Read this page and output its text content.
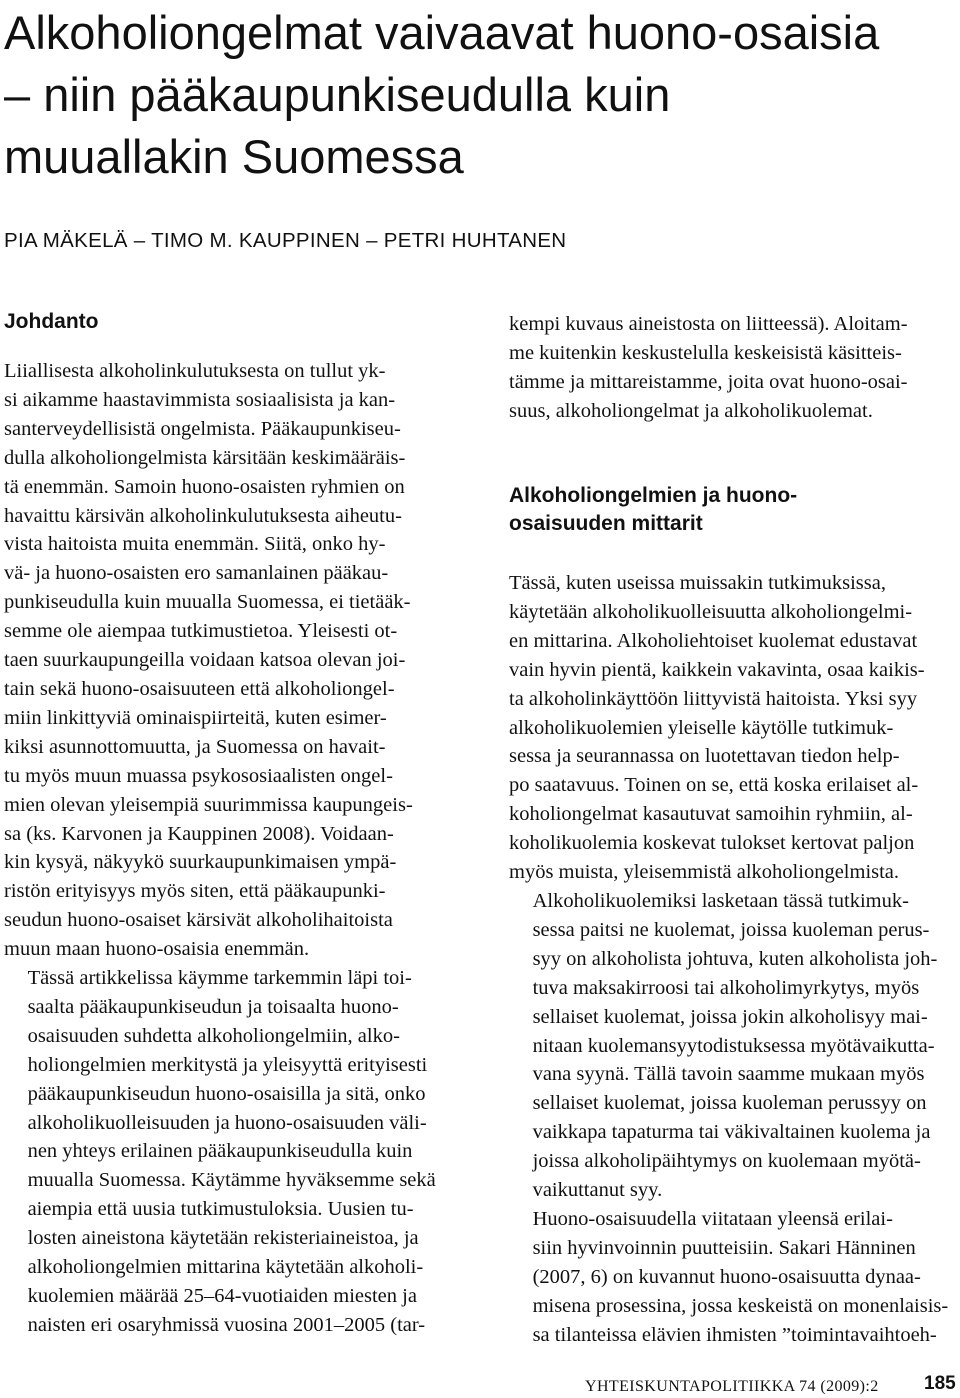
Alkoholiongelmat vaivaavat huono-osaisia
– niin pääkaupunkiseudulla kuin
muuallakin Suomessa
PIA MÄKELÄ – TIMO M. KAUPPINEN – PETRI HUHTANEN
Johdanto

Liiallisesta alkoholinkulutuksesta on tullut yk-
si aikamme haastavimmista sosiaalisista ja kan-
santerveydellisistä ongelmista. Pääkaupunkiseu-
dulla alkoholiongelmista kärsitään keskimääräis-
tä enemmän. Samoin huono-osaisten ryhmien on
havaittu kärsivän alkoholinkulutuksesta aiheutu-
vista haitoista muita enemmän. Siitä, onko hy-
vä- ja huono-osaisten ero samanlainen pääkau-
punkiseudulla kuin muualla Suomessa, ei tietääk-
semme ole aiempaa tutkimustietoa. Yleisesti ot-
taen suurkaupungeilla voidaan katsoa olevan joi-
tain sekä huono-osaisuuteen että alkoholiongel-
miin linkittyviä ominaispiirteitä, kuten esimer-
kiksi asunnottomuutta, ja Suomessa on havait-
tu myös muun muassa psykososiaalisten ongel-
mien olevan yleisempiä suurimmissa kaupungeis-
sa (ks. Karvonen ja Kauppinen 2008). Voidaan-
kin kysyä, näkyykö suurkaupunkimaisen ympä-
ristön erityisyys myös siten, että pääkaupunki-
seudun huono-osaiset kärsivät alkoholihaitoista
muun maan huono-osaisia enemmän.

Tässä artikkelissa käymme tarkemmin läpi toi-
saalta pääkaupunkiseudun ja toisaalta huono-
osaisuuden suhdetta alkoholiongelmiin, alko-
holiongelmien merkitystä ja yleisyyttä erityisesti
pääkaupunkiseudun huono-osaisilla ja sitä, onko
alkoholikuolleisuuden ja huono-osaisuuden väli-
nen yhteys erilainen pääkaupunkiseudulla kuin
muualla Suomessa. Käytämme hyväksemme sekä
aiempia että uusia tutkimustuloksia. Uusien tu-
losten aineistona käytetään rekisteriaineistoa, ja
alkoholiongelmien mittarina käytetään alkoholi-
kuolemien määrää 25–64-vuotiaiden miesten ja
naisten eri osaryhmissä vuosina 2001–2005 (tar-

kempi kuvaus aineistosta on liitteessä). Aloitam-
me kuitenkin keskustelulla keskeisistä käsitteis-
tämme ja mittareistamme, joita ovat huono-osai-
suus, alkoholiongelmat ja alkoholikuolemat.

Alkoholiongelmien ja huono-
osaisuuden mittarit

Tässä, kuten useissa muissakin tutkimuksissa,
käytetään alkoholikuolleisuutta alkoholiongelmi-
en mittarina. Alkoholiehtoiset kuolemat edustavat
vain hyvin pientä, kaikkein vakavinta, osaa kaikis-
ta alkoholinkäyttöön liittyvistä haitoista. Yksi syy
alkoholikuolemien yleiselle käytölle tutkimuk-
sessa ja seurannassa on luotettavan tiedon help-
po saatavuus. Toinen on se, että koska erilaiset al-
koholiongelmat kasautuvat samoihin ryhmiin, al-
koholikuolemia koskevat tulokset kertovat paljon
myös muista, yleisemmistä alkoholiongelmista.

Alkoholikuolemiksi lasketaan tässä tutkimuk-
sessa paitsi ne kuolemat, joissa kuoleman perus-
syy on alkoholista johtuva, kuten alkoholista joh-
tuva maksakirroosi tai alkoholimyrkytys, myös
sellaiset kuolemat, joissa jokin alkoholisyy mai-
nitaan kuolemansyytodistuksessa myötävaikutta-
vana syynä. Tällä tavoin saamme mukaan myös
sellaiset kuolemat, joissa kuoleman perussyy on
vaikkapa tapaturma tai väkivaltainen kuolema ja
joissa alkoholipäihtymys on kuolemaan myötä-
vaikuttanut syy.

Huono-osaisuudella viitataan yleensä erilai-
siin hyvinvoinnin puutteisiin. Sakari Hänninen
(2007, 6) on kuvannut huono-osaisuutta dynaa-
misena prosessina, jossa keskeistä on monenlaisis-
sa tilanteissa elävien ihmisten ”toimintavaihtoeh-

YHTEISKUNTAPOLITIIKKA 74 (2009):2 185
